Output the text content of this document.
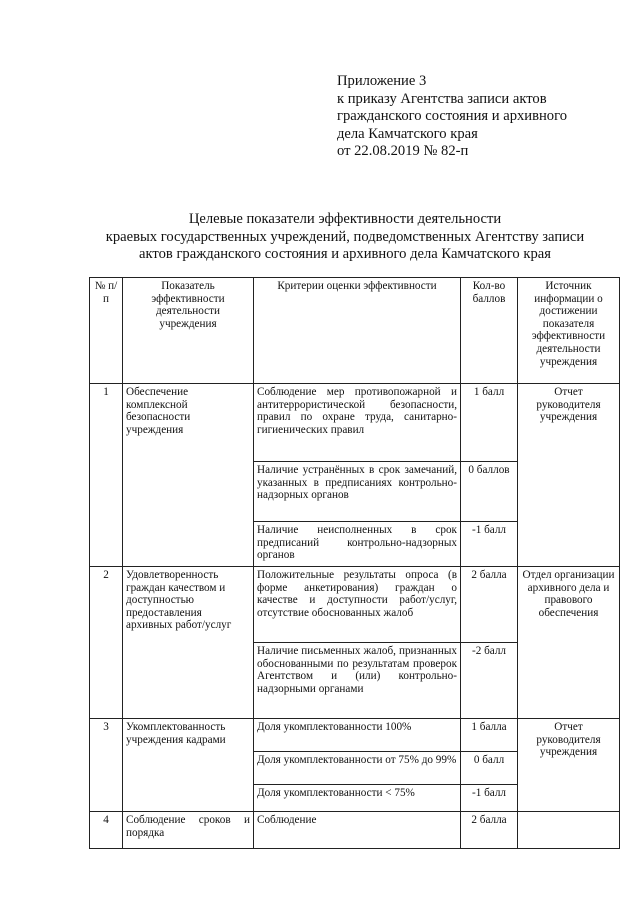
Приложение 3
к приказу Агентства записи актов
гражданского состояния и архивного
дела Камчатского края
от 22.08.2019 № 82-п
Целевые показатели эффективности деятельности
краевых государственных учреждений, подведомственных Агентству записи
актов гражданского состояния и архивного дела Камчатского края
№ п/п	Показатель эффективности деятельности учреждения	Критерии оценки эффективности	Кол-во баллов	Источник информации о достижении показателя эффективности деятельности учреждения
1	Обеспечение комплексной безопасности учреждения	Соблюдение мер противопожарной и антитеррористической безопасности, правил по охране труда, санитарно-гигиенических правил	1 балл	Отчет руководителя учреждения
		Наличие устранённых в срок замечаний, указанных в предписаниях контрольно-надзорных органов	0 баллов	
		Наличие неисполненных в срок предписаний контрольно-надзорных органов	-1 балл	
2	Удовлетворенность граждан качеством и доступностью предоставления архивных работ/услуг	Положительные результаты опроса (в форме анкетирования) граждан о качестве и доступности работ/услуг, отсутствие обоснованных жалоб	2 балла	Отдел организации архивного дела и правового обеспечения
		Наличие письменных жалоб, признанных обоснованными по результатам проверок Агентством и (или) контрольно-надзорными органами	-2 балл	
3	Укомплектованность учреждения кадрами	Доля укомплектованности 100%	1 балла	Отчет руководителя учреждения
		Доля укомплектованности от 75% до 99%	0 балл	
		Доля укомплектованности < 75%	-1 балл	
4	Соблюдение сроков и порядка	Соблюдение	2 балла	
